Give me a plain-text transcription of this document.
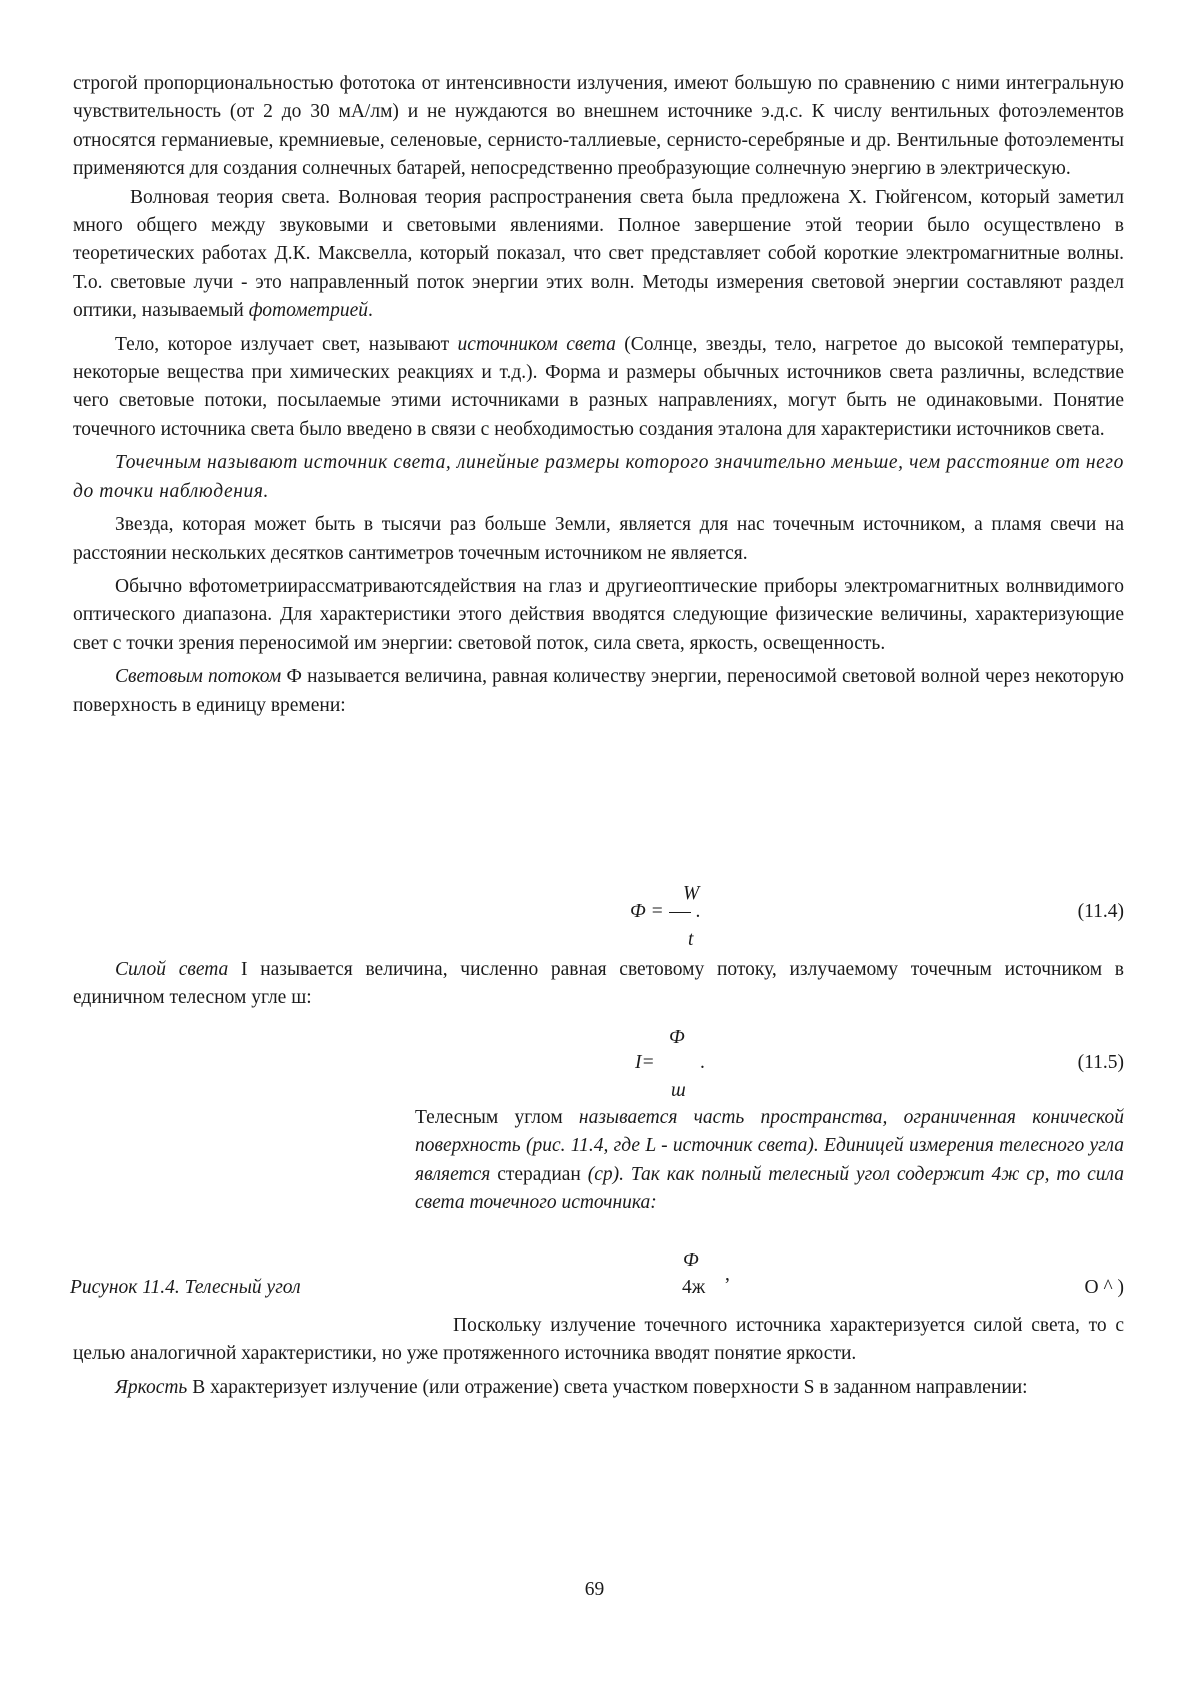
строгой пропорциональностью фототока от интенсивности излучения, имеют большую по сравнению с ними интегральную чувствительность (от 2 до 30 мА/лм) и не нуждаются во внешнем источнике э.д.с. К числу вентильных фотоэлементов относятся германиевые, кремниевые, селеновые, сернисто-таллиевые, сернисто-серебряные и др. Вентильные фотоэлементы применяются для создания солнечных батарей, непосредственно преобразующие солнечную энергию в электрическую.

Волновая теория света. Волновая теория распространения света была предложена Х. Гюйгенсом, который заметил много общего между звуковыми и световыми явлениями. Полное завершение этой теории было осуществлено в теоретических работах Д.К. Максвелла, который показал, что свет представляет собой короткие электромагнитные волны. Т.о. световые лучи - это направленный поток энергии этих волн. Методы измерения световой энергии составляют раздел оптики, называемый фотометрией.

Тело, которое излучает свет, называют источником света (Солнце, звезды, тело, нагретое до высокой температуры, некоторые вещества при химических реакциях и т.д.). Форма и размеры обычных источников света различны, вследствие чего световые потоки, посылаемые этими источниками в разных направлениях, могут быть не одинаковыми. Понятие точечного источника света было введено в связи с необходимостью создания эталона для характеристики источников света.

Точечным называют источник света, линейные размеры которого значительно меньше, чем расстояние от него до точки наблюдения.

Звезда, которая может быть в тысячи раз больше Земли, является для нас точечным источником, а пламя свечи на расстоянии нескольких десятков сантиметров точечным источником не является.

Обычно вфотометриирассматриваютсядействия на глаз и другиеоптические приборы электромагнитных волнвидимого оптического диапазона. Для характеристики этого действия вводятся следующие физические величины, характеризующие свет с точки зрения переносимой им энергии: световой поток, сила света, яркость, освещенность.

Световым потоком Ф называется величина, равная количеству энергии, переносимой световой волной через некоторую поверхность в единицу времени:

W
Ф = .
t
(11.4)

Силой света I называется величина, численно равная световому потоку, излучаемому точечным источником в единичном телесном угле ш:

Ф
I= .
ш
(11.5)

Телесным углом называется часть пространства, ограниченная конической поверхность (рис. 11.4, где L - источник света). Единицей измерения телесного угла является стерадиан (ср). Так как полный телесный угол содержит 4ж ср, то сила света точечного источника:

Ф
4ж ’	О ^ )
Рисунок 11.4. Телесный угол

Поскольку излучение точечного источника характеризуется силой света, то с целью аналогичной характеристики, но уже протяженного источника вводят понятие яркости.

Яркость В характеризует излучение (или отражение) света участком поверхности S в заданном направлении:

69
